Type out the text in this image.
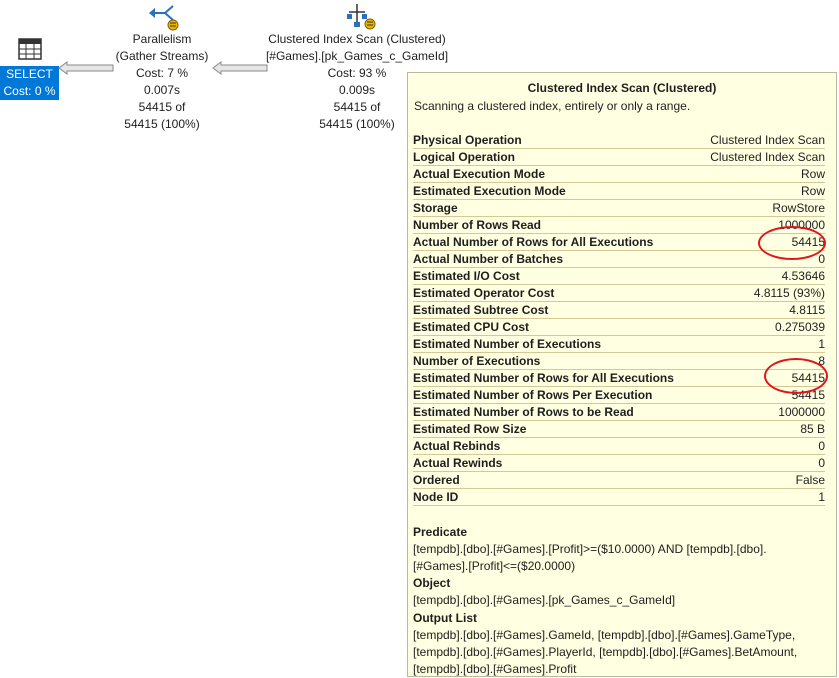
SELECT
Cost: 0 %
Parallelism
(Gather Streams)
Cost: 7 %
0.007s
54415 of
54415 (100%)
Clustered Index Scan (Clustered)
[#Games].[pk_Games_c_GameId]
Cost: 93 %
0.009s
54415 of
54415 (100%)
Clustered Index Scan (Clustered)
Scanning a clustered index, entirely or only a range.
Physical Operation	Clustered Index Scan
Logical Operation	Clustered Index Scan
Actual Execution Mode	Row
Estimated Execution Mode	Row
Storage	RowStore
Number of Rows Read	1000000
Actual Number of Rows for All Executions	54415
Actual Number of Batches	0
Estimated I/O Cost	4.53646
Estimated Operator Cost	4.8115 (93%)
Estimated Subtree Cost	4.8115
Estimated CPU Cost	0.275039
Estimated Number of Executions	1
Number of Executions	8
Estimated Number of Rows for All Executions	54415
Estimated Number of Rows Per Execution	54415
Estimated Number of Rows to be Read	1000000
Estimated Row Size	85 B
Actual Rebinds	0
Actual Rewinds	0
Ordered	False
Node ID	1
Predicate
[tempdb].[dbo].[#Games].[Profit]>=($10.0000) AND [tempdb].[dbo].
[#Games].[Profit]<=($20.0000)
Object
[tempdb].[dbo].[#Games].[pk_Games_c_GameId]
Output List
[tempdb].[dbo].[#Games].GameId, [tempdb].[dbo].[#Games].GameType,
[tempdb].[dbo].[#Games].PlayerId, [tempdb].[dbo].[#Games].BetAmount,
[tempdb].[dbo].[#Games].Profit
